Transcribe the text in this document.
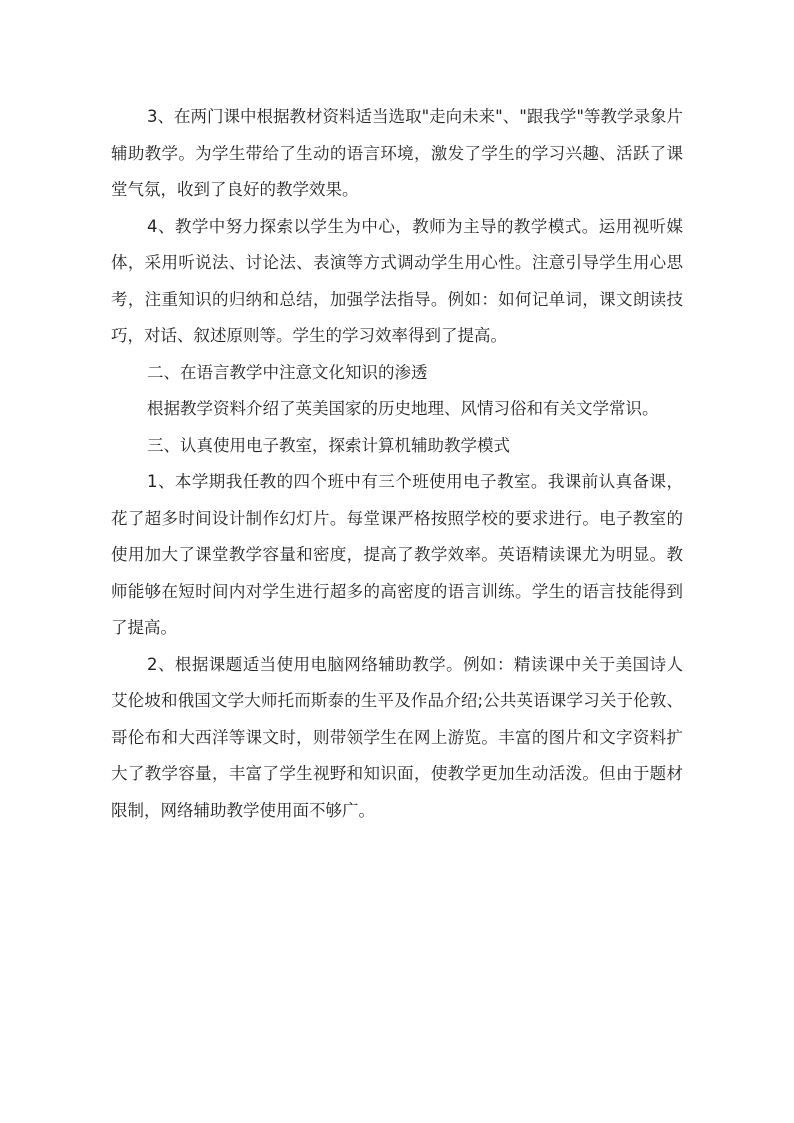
3、在两门课中根据教材资料适当选取"走向未来"、"跟我学"等教学录象片辅助教学。为学生带给了生动的语言环境，激发了学生的学习兴趣、活跃了课堂气氛，收到了良好的教学效果。

4、教学中努力探索以学生为中心，教师为主导的教学模式。运用视听媒体，采用听说法、讨论法、表演等方式调动学生用心性。注意引导学生用心思考，注重知识的归纳和总结，加强学法指导。例如：如何记单词，课文朗读技巧，对话、叙述原则等。学生的学习效率得到了提高。

二、在语言教学中注意文化知识的渗透

根据教学资料介绍了英美国家的历史地理、风情习俗和有关文学常识。

三、认真使用电子教室，探索计算机辅助教学模式

1、本学期我任教的四个班中有三个班使用电子教室。我课前认真备课，花了超多时间设计制作幻灯片。每堂课严格按照学校的要求进行。电子教室的使用加大了课堂教学容量和密度，提高了教学效率。英语精读课尤为明显。教师能够在短时间内对学生进行超多的高密度的语言训练。学生的语言技能得到了提高。

2、根据课题适当使用电脑网络辅助教学。例如：精读课中关于美国诗人艾伦坡和俄国文学大师托而斯泰的生平及作品介绍;公共英语课学习关于伦敦、哥伦布和大西洋等课文时，则带领学生在网上游览。丰富的图片和文字资料扩大了教学容量，丰富了学生视野和知识面，使教学更加生动活泼。但由于题材限制，网络辅助教学使用面不够广。
